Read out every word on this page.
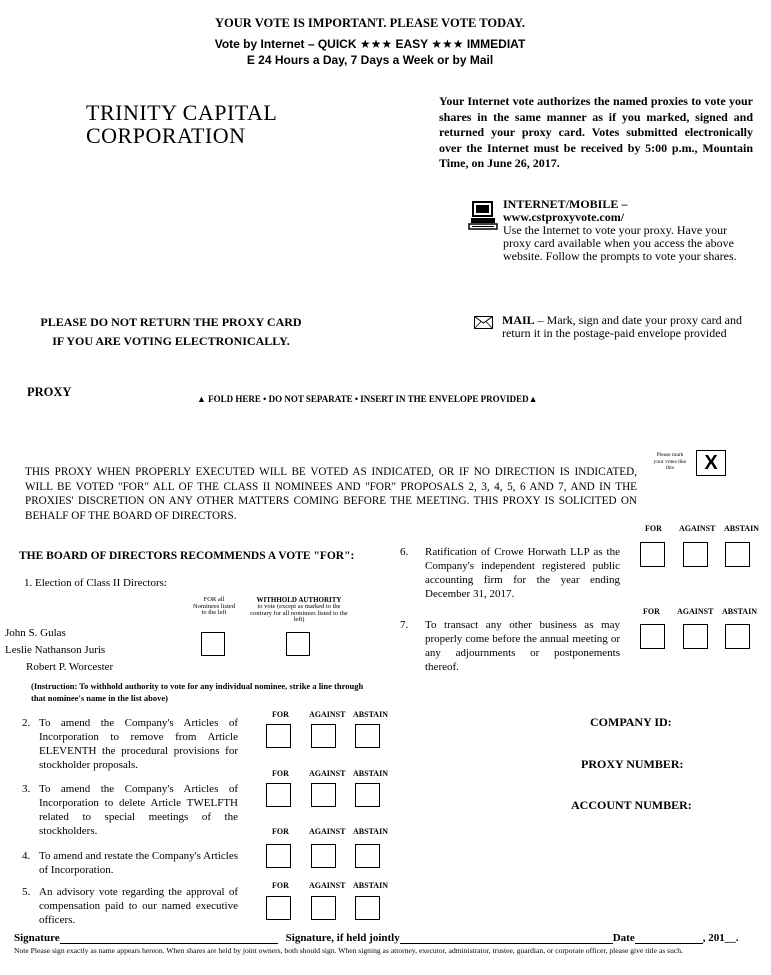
YOUR VOTE IS IMPORTANT. PLEASE VOTE TODAY.
Vote by Internet – QUICK ★★★ EASY ★★★ IMMEDIAT
E 24 Hours a Day, 7 Days a Week or by Mail
TRINITY CAPITAL
CORPORATION
Your Internet vote authorizes the named proxies to vote your shares in the same manner as if you marked, signed and returned your proxy card. Votes submitted electronically over the Internet must be received by 5:00 p.m., Mountain Time, on June 26, 2017.
INTERNET/MOBILE –
www.cstproxyvote.com/
Use the Internet to vote your proxy. Have your proxy card available when you access the above website. Follow the prompts to vote your shares.
MAIL – Mark, sign and date your proxy card and return it in the postage-paid envelope provided
PLEASE DO NOT RETURN THE PROXY CARD
IF YOU ARE VOTING ELECTRONICALLY.
PROXY	▲ FOLD HERE • DO NOT SEPARATE • INSERT IN THE ENVELOPE PROVIDED▲
Please mark your votes like this	X
THIS PROXY WHEN PROPERLY EXECUTED WILL BE VOTED AS INDICATED, OR IF NO DIRECTION IS INDICATED, WILL BE VOTED "FOR" ALL OF THE CLASS II NOMINEES AND "FOR" PROPOSALS 2, 3, 4, 5, 6 AND 7, AND IN THE PROXIES' DISCRETION ON ANY OTHER MATTERS COMING BEFORE THE MEETING. THIS PROXY IS SOLICITED ON BEHALF OF THE BOARD OF DIRECTORS.
THE BOARD OF DIRECTORS RECOMMENDS A VOTE "FOR":
1. Election of Class II Directors:
FOR all Nominees listed to the left
WITHHOLD AUTHORITY
to vote (except as marked to the contrary for all nominees listed to the left)
John S. Gulas
Leslie Nathanson Juris
Robert P. Worcester
(Instruction: To withhold authority to vote for any individual nominee, strike a line through that nominee's name in the list above)
2. To amend the Company's Articles of Incorporation to remove from Article ELEVENTH the procedural provisions for stockholder proposals.
FOR	AGAINST ABSTAIN
3. To amend the Company's Articles of Incorporation to delete Article TWELFTH related to special meetings of the stockholders.
FOR	AGAINST ABSTAIN
4. To amend and restate the Company's Articles of Incorporation.
FOR	AGAINST ABSTAIN
5. An advisory vote regarding the approval of compensation paid to our named executive officers.
FOR	AGAINST ABSTAIN
6.	Ratification of Crowe Horwath LLP as the Company's independent registered public accounting firm for the year ending December 31, 2017.
FOR AGAINST ABSTAIN
7.	To transact any other business as may properly come before the annual meeting or any adjournments or postponements thereof.
FOR AGAINST ABSTAIN
COMPANY ID:
PROXY NUMBER:
ACCOUNT NUMBER:
Signature	Signature, if held jointly	Date	, 201__.
Note Please sign exactly as name appears hereon. When shares are held by joint owners, both should sign. When signing as attorney, executor, administrator, trustee, guardian, or corporate officer, please give title as such.
